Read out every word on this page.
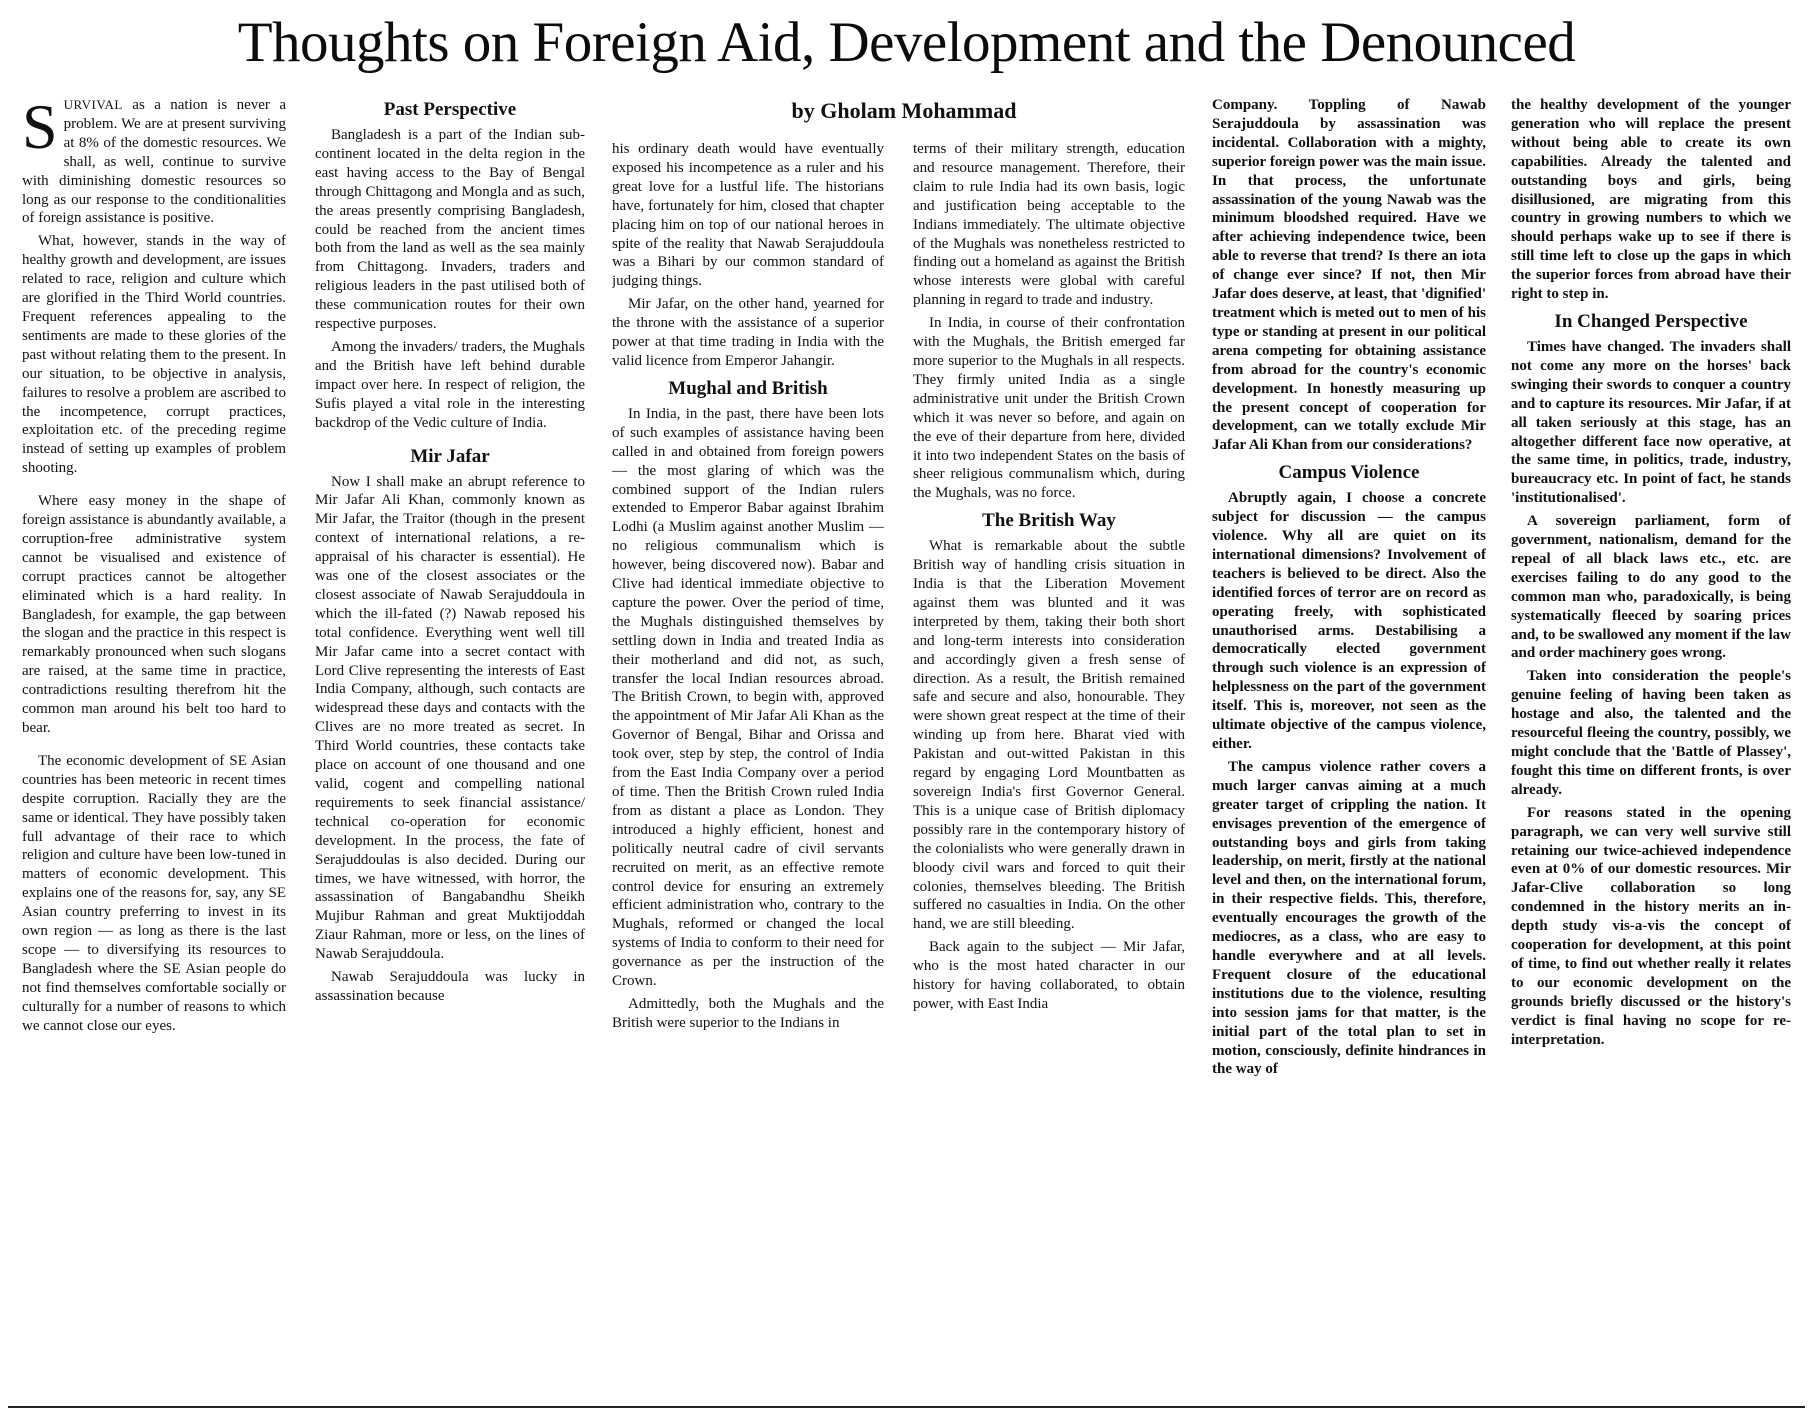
Thoughts on Foreign Aid, Development and the Denounced
by Gholam Mohammad

SURVIVAL as a nation is never a problem. We are at present surviving at 8% of the domestic resources. We shall, as well, continue to survive with diminishing domestic resources so long as our response to the conditionalities of foreign assistance is positive.

What, however, stands in the way of healthy growth and development, are issues related to race, religion and culture which are glorified in the Third World countries. Frequent references appealing to the sentiments are made to these glories of the past without relating them to the present. In our situation, to be objective in analysis, failures to resolve a problem are ascribed to the incompetence, corrupt practices, exploitation etc. of the preceding regime instead of setting up examples of problem shooting.

Where easy money in the shape of foreign assistance is abundantly available, a corruption-free administrative system cannot be visualised and existence of corrupt practices cannot be altogether eliminated which is a hard reality. In Bangladesh, for example, the gap between the slogan and the practice in this respect is remarkably pronounced when such slogans are raised, at the same time in practice, contradictions resulting therefrom hit the common man around his belt too hard to bear.

The economic development of SE Asian countries has been meteoric in recent times despite corruption. Racially they are the same or identical. They have possibly taken full advantage of their race to which religion and culture have been low-tuned in matters of economic development. This explains one of the reasons for, say, any SE Asian country preferring to invest in its own region — as long as there is the last scope — to diversifying its resources to Bangladesh where the SE Asian people do not find themselves comfortable socially or culturally for a number of reasons to which we cannot close our eyes.

Past Perspective

Bangladesh is a part of the Indian sub-continent located in the delta region in the east having access to the Bay of Bengal through Chittagong and Mongla and as such, the areas presently comprising Bangladesh, could be reached from the ancient times both from the land as well as the sea mainly from Chittagong. Invaders, traders and religious leaders in the past utilised both of these communication routes for their own respective purposes.

Among the invaders/ traders, the Mughals and the British have left behind durable impact over here. In respect of religion, the Sufis played a vital role in the interesting backdrop of the Vedic culture of India.

Mir Jafar

Now I shall make an abrupt reference to Mir Jafar Ali Khan, commonly known as Mir Jafar, the Traitor (though in the present context of international relations, a re-appraisal of his character is essential). He was one of the closest associates or the closest associate of Nawab Serajuddoula in which the ill-fated (?) Nawab reposed his total confidence. Everything went well till Mir Jafar came into a secret contact with Lord Clive representing the interests of East India Company, although, such contacts are widespread these days and contacts with the Clives are no more treated as secret. In Third World countries, these contacts take place on account of one thousand and one valid, cogent and compelling national requirements to seek financial assistance/ technical co-operation for economic development. In the process, the fate of Serajuddoulas is also decided. During our times, we have witnessed, with horror, the assassination of Bangabandhu Sheikh Mujibur Rahman and great Muktijoddah Ziaur Rahman, more or less, on the lines of Nawab Serajuddoula.

Nawab Serajuddoula was lucky in assassination because

his ordinary death would have eventually exposed his incompetence as a ruler and his great love for a lustful life. The historians have, fortunately for him, closed that chapter placing him on top of our national heroes in spite of the reality that Nawab Serajuddoula was a Bihari by our common standard of judging things.

Mir Jafar, on the other hand, yearned for the throne with the assistance of a superior power at that time trading in India with the valid licence from Emperor Jahangir.

Mughal and British

In India, in the past, there have been lots of such examples of assistance having been called in and obtained from foreign powers — the most glaring of which was the combined support of the Indian rulers extended to Emperor Babar against Ibrahim Lodhi (a Muslim against another Muslim — no religious communalism which is however, being discovered now). Babar and Clive had identical immediate objective to capture the power. Over the period of time, the Mughals distinguished themselves by settling down in India and treated India as their motherland and did not, as such, transfer the local Indian resources abroad. The British Crown, to begin with, approved the appointment of Mir Jafar Ali Khan as the Governor of Bengal, Bihar and Orissa and took over, step by step, the control of India from the East India Company over a period of time. Then the British Crown ruled India from as distant a place as London. They introduced a highly efficient, honest and politically neutral cadre of civil servants recruited on merit, as an effective remote control device for ensuring an extremely efficient administration who, contrary to the Mughals, reformed or changed the local systems of India to conform to their need for governance as per the instruction of the Crown.

Admittedly, both the Mughals and the British were superior to the Indians in

terms of their military strength, education and resource management. Therefore, their claim to rule India had its own basis, logic and justification being acceptable to the Indians immediately. The ultimate objective of the Mughals was nonetheless restricted to finding out a homeland as against the British whose interests were global with careful planning in regard to trade and industry.

In India, in course of their confrontation with the Mughals, the British emerged far more superior to the Mughals in all respects. They firmly united India as a single administrative unit under the British Crown which it was never so before, and again on the eve of their departure from here, divided it into two independent States on the basis of sheer religious communalism which, during the Mughals, was no force.

The British Way

What is remarkable about the subtle British way of handling crisis situation in India is that the Liberation Movement against them was blunted and it was interpreted by them, taking their both short and long-term interests into consideration and accordingly given a fresh sense of direction. As a result, the British remained safe and secure and also, honourable. They were shown great respect at the time of their winding up from here. Bharat vied with Pakistan and out-witted Pakistan in this regard by engaging Lord Mountbatten as sovereign India's first Governor General. This is a unique case of British diplomacy possibly rare in the contemporary history of the colonialists who were generally drawn in bloody civil wars and forced to quit their colonies, themselves bleeding. The British suffered no casualties in India. On the other hand, we are still bleeding.

Back again to the subject — Mir Jafar, who is the most hated character in our history for having collaborated, to obtain power, with East India

Company. Toppling of Nawab Serajuddoula by assassination was incidental. Collaboration with a mighty, superior foreign power was the main issue. In that process, the unfortunate assassination of the young Nawab was the minimum bloodshed required. Have we after achieving independence twice, been able to reverse that trend? Is there an iota of change ever since? If not, then Mir Jafar does deserve, at least, that 'dignified' treatment which is meted out to men of his type or standing at present in our political arena competing for obtaining assistance from abroad for the country's economic development. In honestly measuring up the present concept of cooperation for development, can we totally exclude Mir Jafar Ali Khan from our considerations?

Campus Violence

Abruptly again, I choose a concrete subject for discussion — the campus violence. Why all are quiet on its international dimensions? Involvement of teachers is believed to be direct. Also the identified forces of terror are on record as operating freely, with sophisticated unauthorised arms. Destabilising a democratically elected government through such violence is an expression of helplessness on the part of the government itself. This is, moreover, not seen as the ultimate objective of the campus violence, either.

The campus violence rather covers a much larger canvas aiming at a much greater target of crippling the nation. It envisages prevention of the emergence of outstanding boys and girls from taking leadership, on merit, firstly at the national level and then, on the international forum, in their respective fields. This, therefore, eventually encourages the growth of the mediocres, as a class, who are easy to handle everywhere and at all levels. Frequent closure of the educational institutions due to the violence, resulting into session jams for that matter, is the initial part of the total plan to set in motion, consciously, definite hindrances in the way of

the healthy development of the younger generation who will replace the present without being able to create its own capabilities. Already the talented and outstanding boys and girls, being disillusioned, are migrating from this country in growing numbers to which we should perhaps wake up to see if there is still time left to close up the gaps in which the superior forces from abroad have their right to step in.

In Changed Perspective

Times have changed. The invaders shall not come any more on the horses' back swinging their swords to conquer a country and to capture its resources. Mir Jafar, if at all taken seriously at this stage, has an altogether different face now operative, at the same time, in politics, trade, industry, bureaucracy etc. In point of fact, he stands 'institutionalised'.

A sovereign parliament, form of government, nationalism, demand for the repeal of all black laws etc., etc. are exercises failing to do any good to the common man who, paradoxically, is being systematically fleeced by soaring prices and, to be swallowed any moment if the law and order machinery goes wrong.

Taken into consideration the people's genuine feeling of having been taken as hostage and also, the talented and the resourceful fleeing the country, possibly, we might conclude that the 'Battle of Plassey', fought this time on different fronts, is over already.

For reasons stated in the opening paragraph, we can very well survive still retaining our twice-achieved independence even at 0% of our domestic resources. Mir Jafar-Clive collaboration so long condemned in the history merits an in-depth study vis-a-vis the concept of cooperation for development, at this point of time, to find out whether really it relates to our economic development on the grounds briefly discussed or the history's verdict is final having no scope for re-interpretation.
